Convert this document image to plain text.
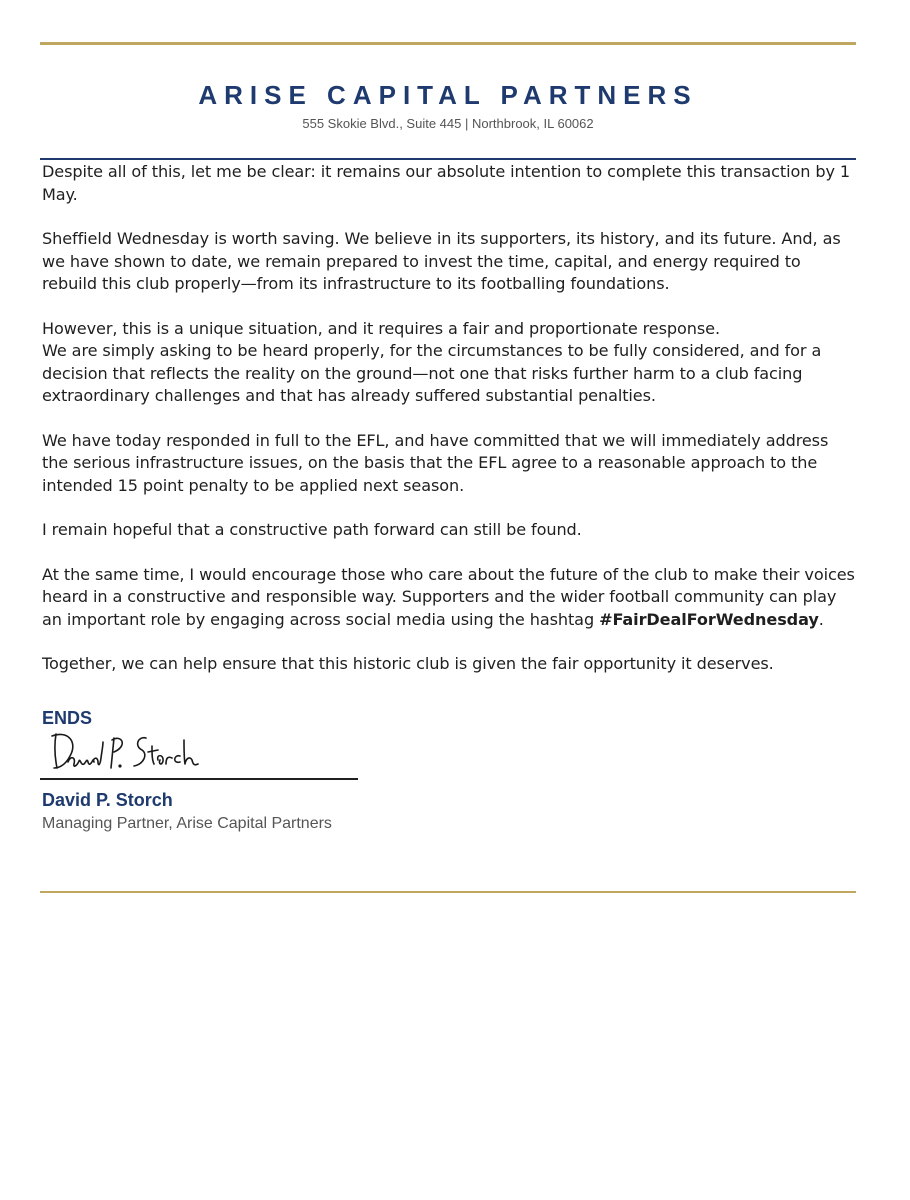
ARISE CAPITAL PARTNERS
555 Skokie Blvd., Suite 445 | Northbrook, IL 60062

Despite all of this, let me be clear: it remains our absolute intention to complete this transaction by 1 May.

Sheffield Wednesday is worth saving. We believe in its supporters, its history, and its future. And, as we have shown to date, we remain prepared to invest the time, capital, and energy required to rebuild this club properly—from its infrastructure to its footballing foundations.

However, this is a unique situation, and it requires a fair and proportionate response.
We are simply asking to be heard properly, for the circumstances to be fully considered, and for a decision that reflects the reality on the ground—not one that risks further harm to a club facing extraordinary challenges and that has already suffered substantial penalties.

We have today responded in full to the EFL, and have committed that we will immediately address the serious infrastructure issues, on the basis that the EFL agree to a reasonable approach to the intended 15 point penalty to be applied next season.

I remain hopeful that a constructive path forward can still be found.

At the same time, I would encourage those who care about the future of the club to make their voices heard in a constructive and responsible way. Supporters and the wider football community can play an important role by engaging across social media using the hashtag #FairDealForWednesday.

Together, we can help ensure that this historic club is given the fair opportunity it deserves.

ENDS
David P. Storch
Managing Partner, Arise Capital Partners
